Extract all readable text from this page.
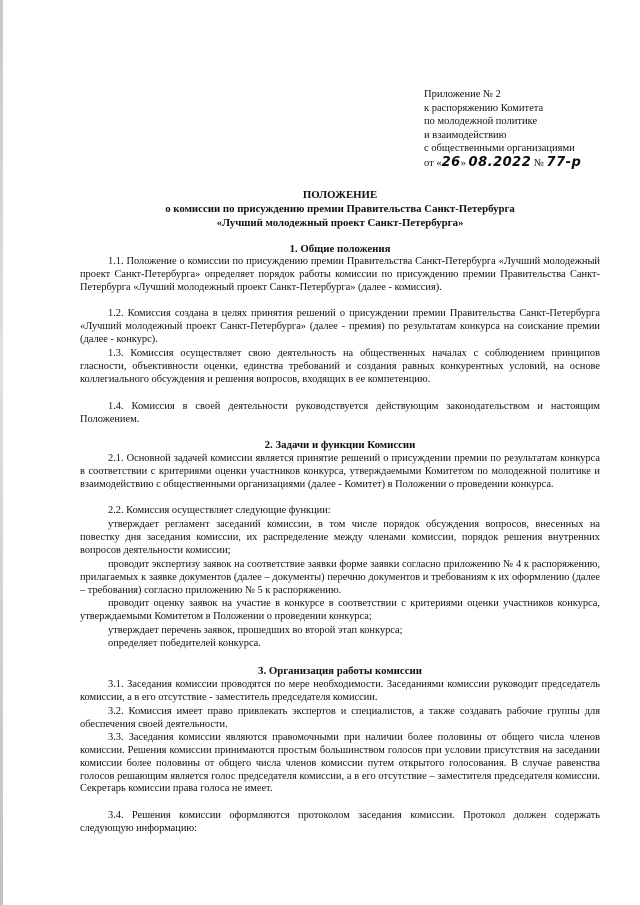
Приложение № 2
к распоряжению Комитета
по молодежной политике
и взаимодействию
с общественными организациями
от «26» 08.2022 № 77-р
ПОЛОЖЕНИЕ
о комиссии по присуждению премии Правительства Санкт-Петербурга
«Лучший молодежный проект Санкт-Петербурга»
1. Общие положения

1.1. Положение о комиссии по присуждению премии Правительства Санкт-Петербурга «Лучший молодежный проект Санкт-Петербурга» определяет порядок работы комиссии по присуждению премии Правительства Санкт-Петербурга «Лучший молодежный проект Санкт-Петербурга» (далее - комиссия).

1.2. Комиссия создана в целях принятия решений о присуждении премии Правительства Санкт-Петербурга «Лучший молодежный проект Санкт-Петербурга» (далее - премия) по результатам конкурса на соискание премии (далее - конкурс).

1.3. Комиссия осуществляет свою деятельность на общественных началах с соблюдением принципов гласности, объективности оценки, единства требований и создания равных конкурентных условий, на основе коллегиального обсуждения и решения вопросов, входящих в ее компетенцию.

1.4. Комиссия в своей деятельности руководствуется действующим законодательством и настоящим Положением.

2. Задачи и функции Комиссии

2.1. Основной задачей комиссии является принятие решений о присуждении премии по результатам конкурса в соответствии с критериями оценки участников конкурса, утверждаемыми Комитетом по молодежной политике и взаимодействию с общественными организациями (далее - Комитет) в Положении о проведении конкурса.

2.2. Комиссия осуществляет следующие функции:

утверждает регламент заседаний комиссии, в том числе порядок обсуждения вопросов, внесенных на повестку дня заседания комиссии, их распределение между членами комиссии, порядок решения внутренних вопросов деятельности комиссии;

проводит экспертизу заявок на соответствие заявки форме заявки согласно приложению № 4 к распоряжению, прилагаемых к заявке документов (далее – документы) перечню документов и требованиям к их оформлению (далее – требования) согласно приложению № 5 к распоряжению.

проводит оценку заявок на участие в конкурсе в соответствии с критериями оценки участников конкурса, утверждаемыми Комитетом в Положении о проведении конкурса;

утверждает перечень заявок, прошедших во второй этап конкурса;

определяет победителей конкурса.

3. Организация работы комиссии

3.1. Заседания комиссии проводятся по мере необходимости. Заседаниями комиссии руководит председатель комиссии, а в его отсутствие - заместитель председателя комиссии.

3.2. Комиссия имеет право привлекать экспертов и специалистов, а также создавать рабочие группы для обеспечения своей деятельности.

3.3. Заседания комиссии являются правомочными при наличии более половины от общего числа членов комиссии. Решения комиссии принимаются простым большинством голосов при условии присутствия на заседании комиссии более половины от общего числа членов комиссии путем открытого голосования. В случае равенства голосов решающим является голос председателя комиссии, а в его отсутствие – заместителя председателя комиссии. Секретарь комиссии права голоса не имеет.

3.4. Решения комиссии оформляются протоколом заседания комиссии. Протокол должен содержать следующую информацию:
